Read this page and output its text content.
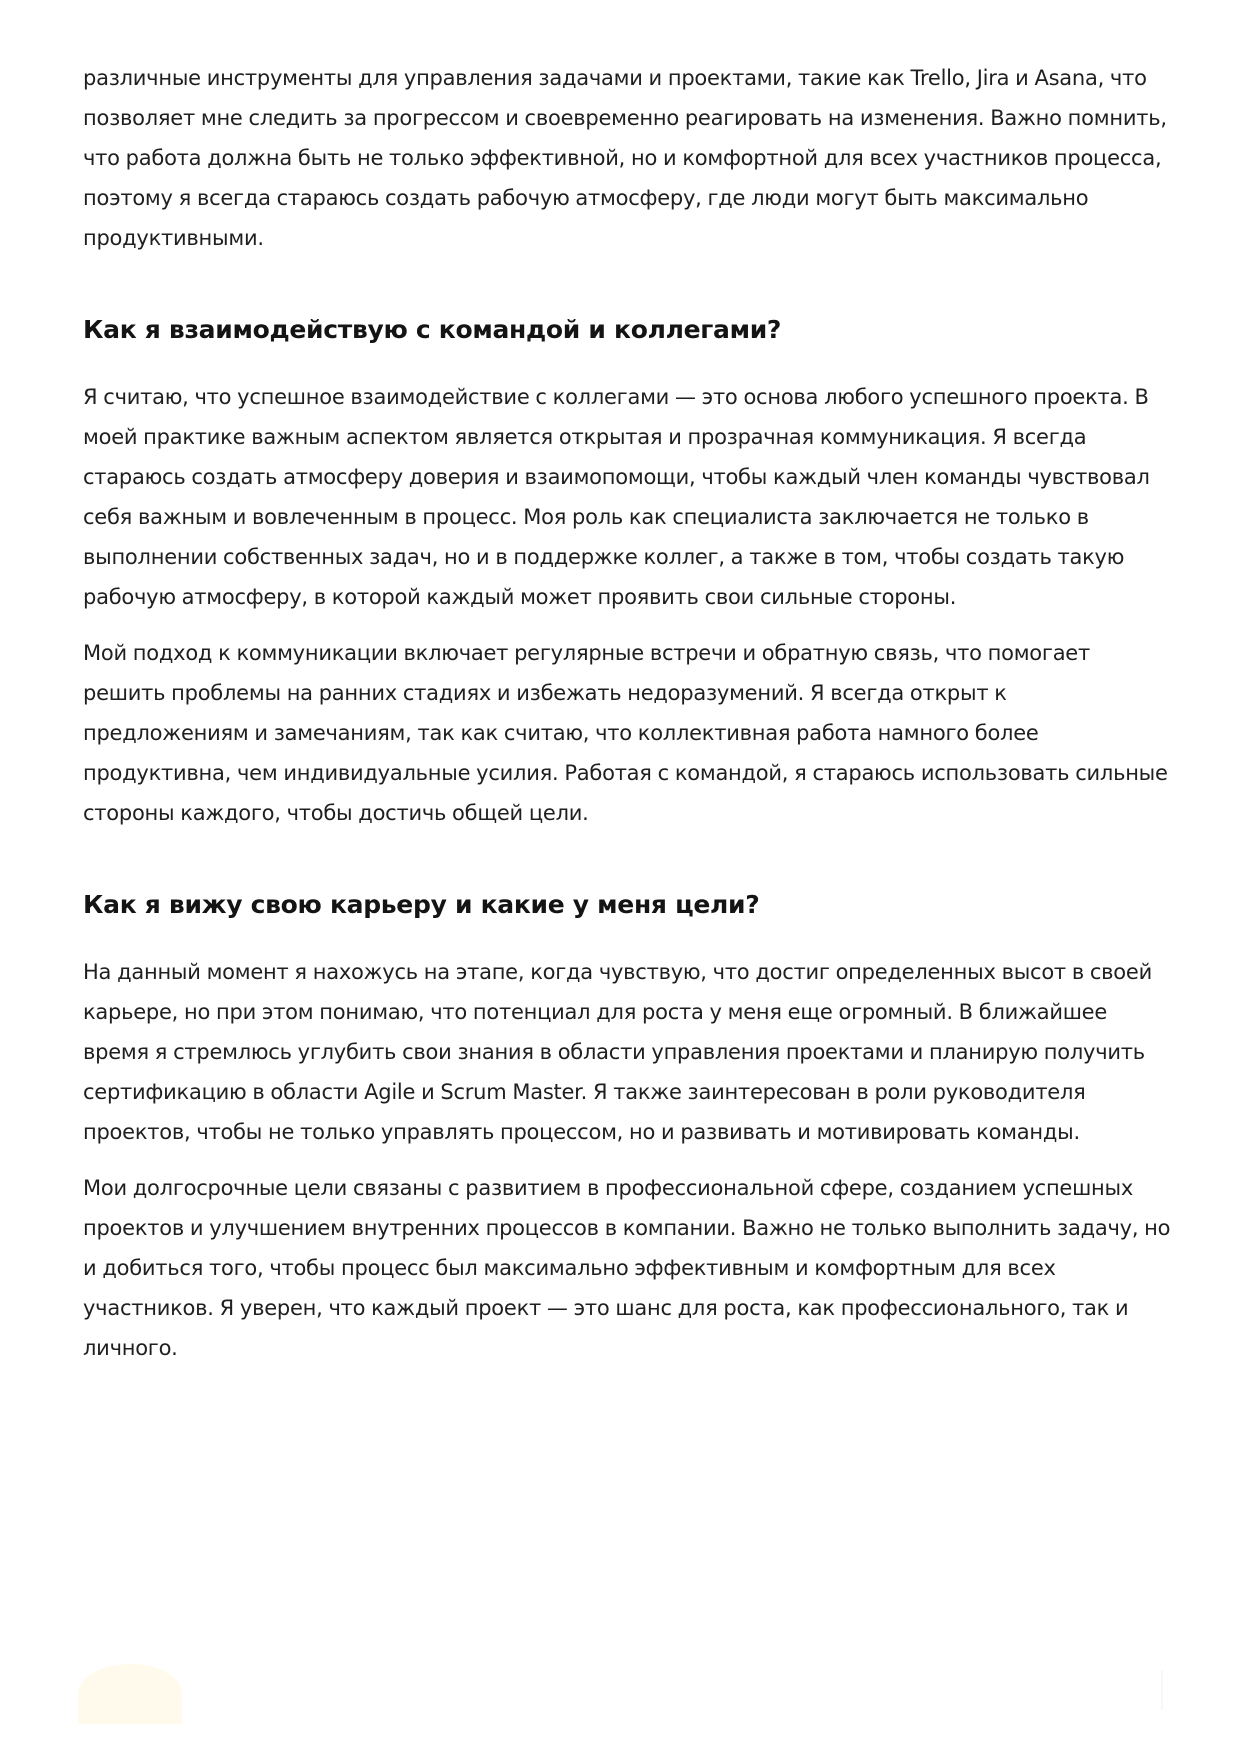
различные инструменты для управления задачами и проектами, такие как Trello, Jira и Asana, что позволяет мне следить за прогрессом и своевременно реагировать на изменения. Важно помнить, что работа должна быть не только эффективной, но и комфортной для всех участников процесса, поэтому я всегда стараюсь создать рабочую атмосферу, где люди могут быть максимально продуктивными.

Как я взаимодействую с командой и коллегами?

Я считаю, что успешное взаимодействие с коллегами — это основа любого успешного проекта. В моей практике важным аспектом является открытая и прозрачная коммуникация. Я всегда стараюсь создать атмосферу доверия и взаимопомощи, чтобы каждый член команды чувствовал себя важным и вовлеченным в процесс. Моя роль как специалиста заключается не только в выполнении собственных задач, но и в поддержке коллег, а также в том, чтобы создать такую рабочую атмосферу, в которой каждый может проявить свои сильные стороны.

Мой подход к коммуникации включает регулярные встречи и обратную связь, что помогает решить проблемы на ранних стадиях и избежать недоразумений. Я всегда открыт к предложениям и замечаниям, так как считаю, что коллективная работа намного более продуктивна, чем индивидуальные усилия. Работая с командой, я стараюсь использовать сильные стороны каждого, чтобы достичь общей цели.

Как я вижу свою карьеру и какие у меня цели?

На данный момент я нахожусь на этапе, когда чувствую, что достиг определенных высот в своей карьере, но при этом понимаю, что потенциал для роста у меня еще огромный. В ближайшее время я стремлюсь углубить свои знания в области управления проектами и планирую получить сертификацию в области Agile и Scrum Master. Я также заинтересован в роли руководителя проектов, чтобы не только управлять процессом, но и развивать и мотивировать команды.

Мои долгосрочные цели связаны с развитием в профессиональной сфере, созданием успешных проектов и улучшением внутренних процессов в компании. Важно не только выполнить задачу, но и добиться того, чтобы процесс был максимально эффективным и комфортным для всех участников. Я уверен, что каждый проект — это шанс для роста, как профессионального, так и личного.
